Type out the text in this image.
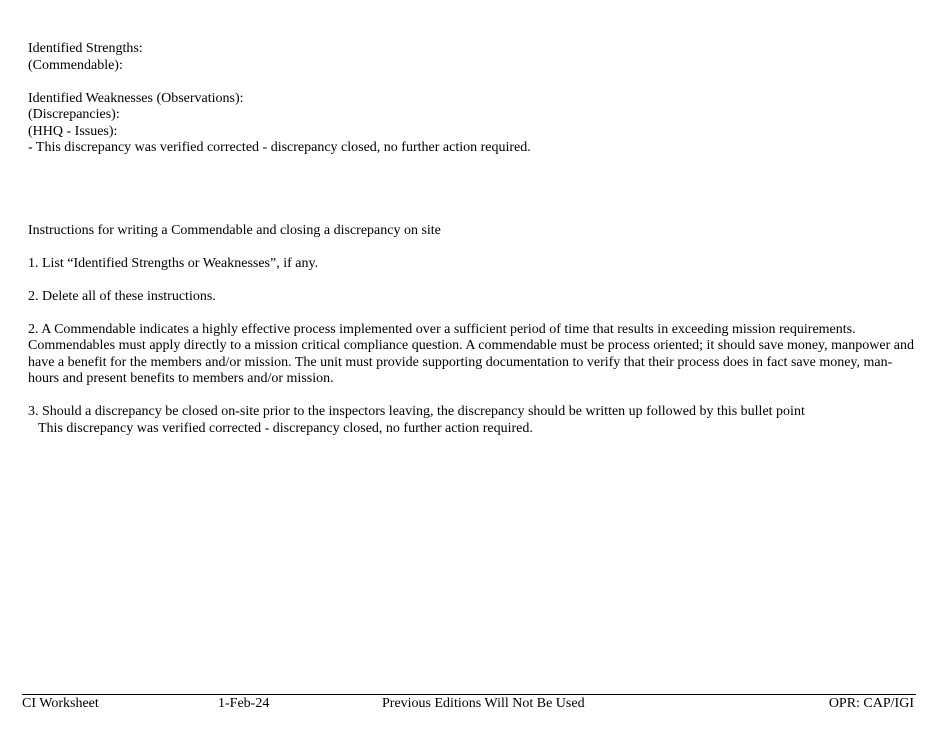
Identified Strengths:

(Commendable):

Identified Weaknesses (Observations):

(Discrepancies):

(HHQ - Issues):

- This discrepancy was verified corrected - discrepancy closed, no further action required.

Instructions for writing a Commendable and closing a discrepancy on site

1. List “Identified Strengths or Weaknesses”, if any.

2. Delete all of these instructions.

2. A Commendable indicates a highly effective process implemented over a sufficient period of time that results in exceeding mission requirements. Commendables must apply directly to a mission critical compliance question. A commendable must be process oriented; it should save money, manpower and have a benefit for the members and/or mission. The unit must provide supporting documentation to verify that their process does in fact save money, man-hours and present benefits to members and/or mission.

3. Should a discrepancy be closed on-site prior to the inspectors leaving, the discrepancy should be written up followed by this bullet point

This discrepancy was verified corrected - discrepancy closed, no further action required.

CI Worksheet	1-Feb-24	Previous Editions Will Not Be Used	OPR: CAP/IGI
